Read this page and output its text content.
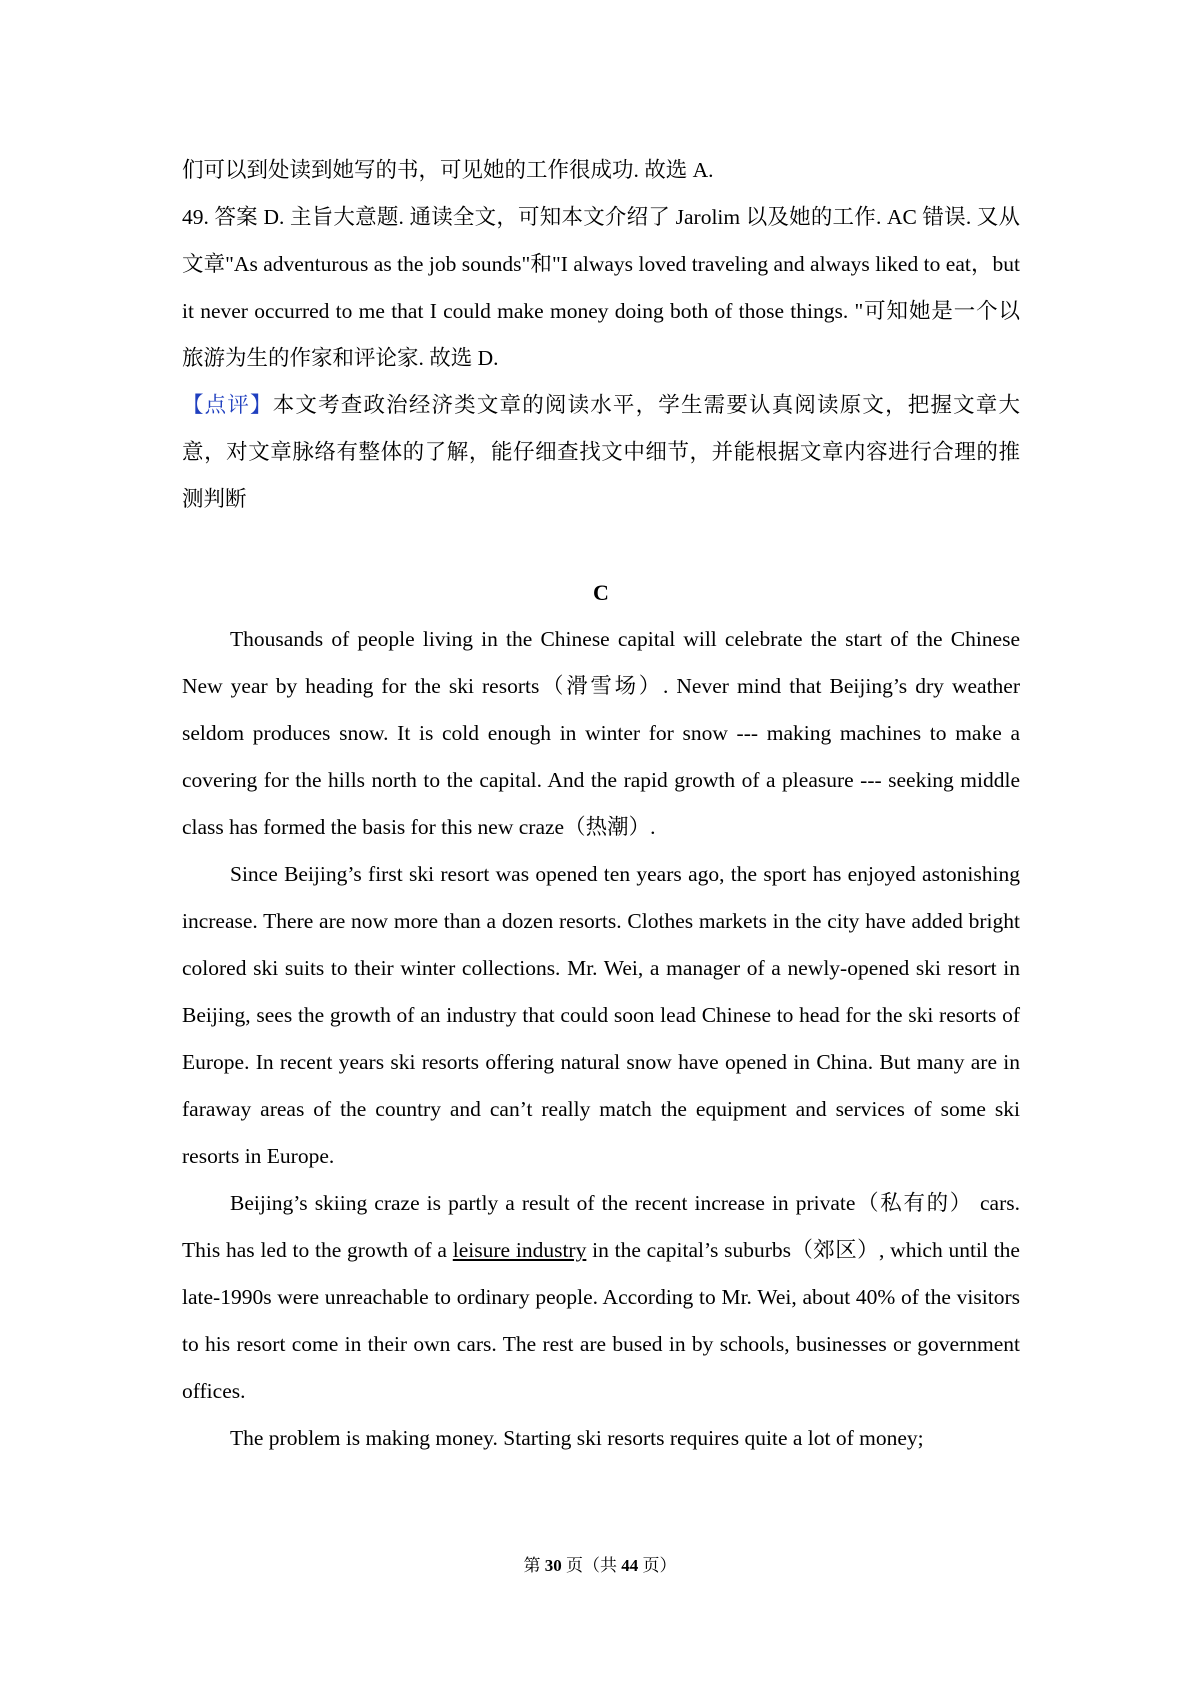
们可以到处读到她写的书，可见她的工作很成功. 故选 A.

49. 答案 D. 主旨大意题. 通读全文，可知本文介绍了 Jarolim 以及她的工作. AC 错误. 又从文章"As adventurous as the job sounds"和"I always loved traveling and always liked to eat，but it never occurred to me that I could make money doing both of those things. "可知她是一个以旅游为生的作家和评论家. 故选 D.

【点评】本文考查政治经济类文章的阅读水平，学生需要认真阅读原文，把握文章大意，对文章脉络有整体的了解，能仔细查找文中细节，并能根据文章内容进行合理的推测判断

C

Thousands of people living in the Chinese capital will celebrate the start of the Chinese New year by heading for the ski resorts（滑雪场）. Never mind that Beijing’s dry weather seldom produces snow. It is cold enough in winter for snow --- making machines to make a covering for the hills north to the capital. And the rapid growth of a pleasure --- seeking middle class has formed the basis for this new craze（热潮）.

Since Beijing’s first ski resort was opened ten years ago, the sport has enjoyed astonishing increase. There are now more than a dozen resorts. Clothes markets in the city have added bright colored ski suits to their winter collections. Mr. Wei, a manager of a newly-opened ski resort in Beijing, sees the growth of an industry that could soon lead Chinese to head for the ski resorts of Europe. In recent years ski resorts offering natural snow have opened in China. But many are in faraway areas of the country and can’t really match the equipment and services of some ski resorts in Europe.

Beijing’s skiing craze is partly a result of the recent increase in private（私有的） cars. This has led to the growth of a leisure industry in the capital’s suburbs（郊区）, which until the late-1990s were unreachable to ordinary people. According to Mr. Wei, about 40% of the visitors to his resort come in their own cars. The rest are bused in by schools, businesses or government offices.

The problem is making money. Starting ski resorts requires quite a lot of money;

第 30 页（共 44 页）
